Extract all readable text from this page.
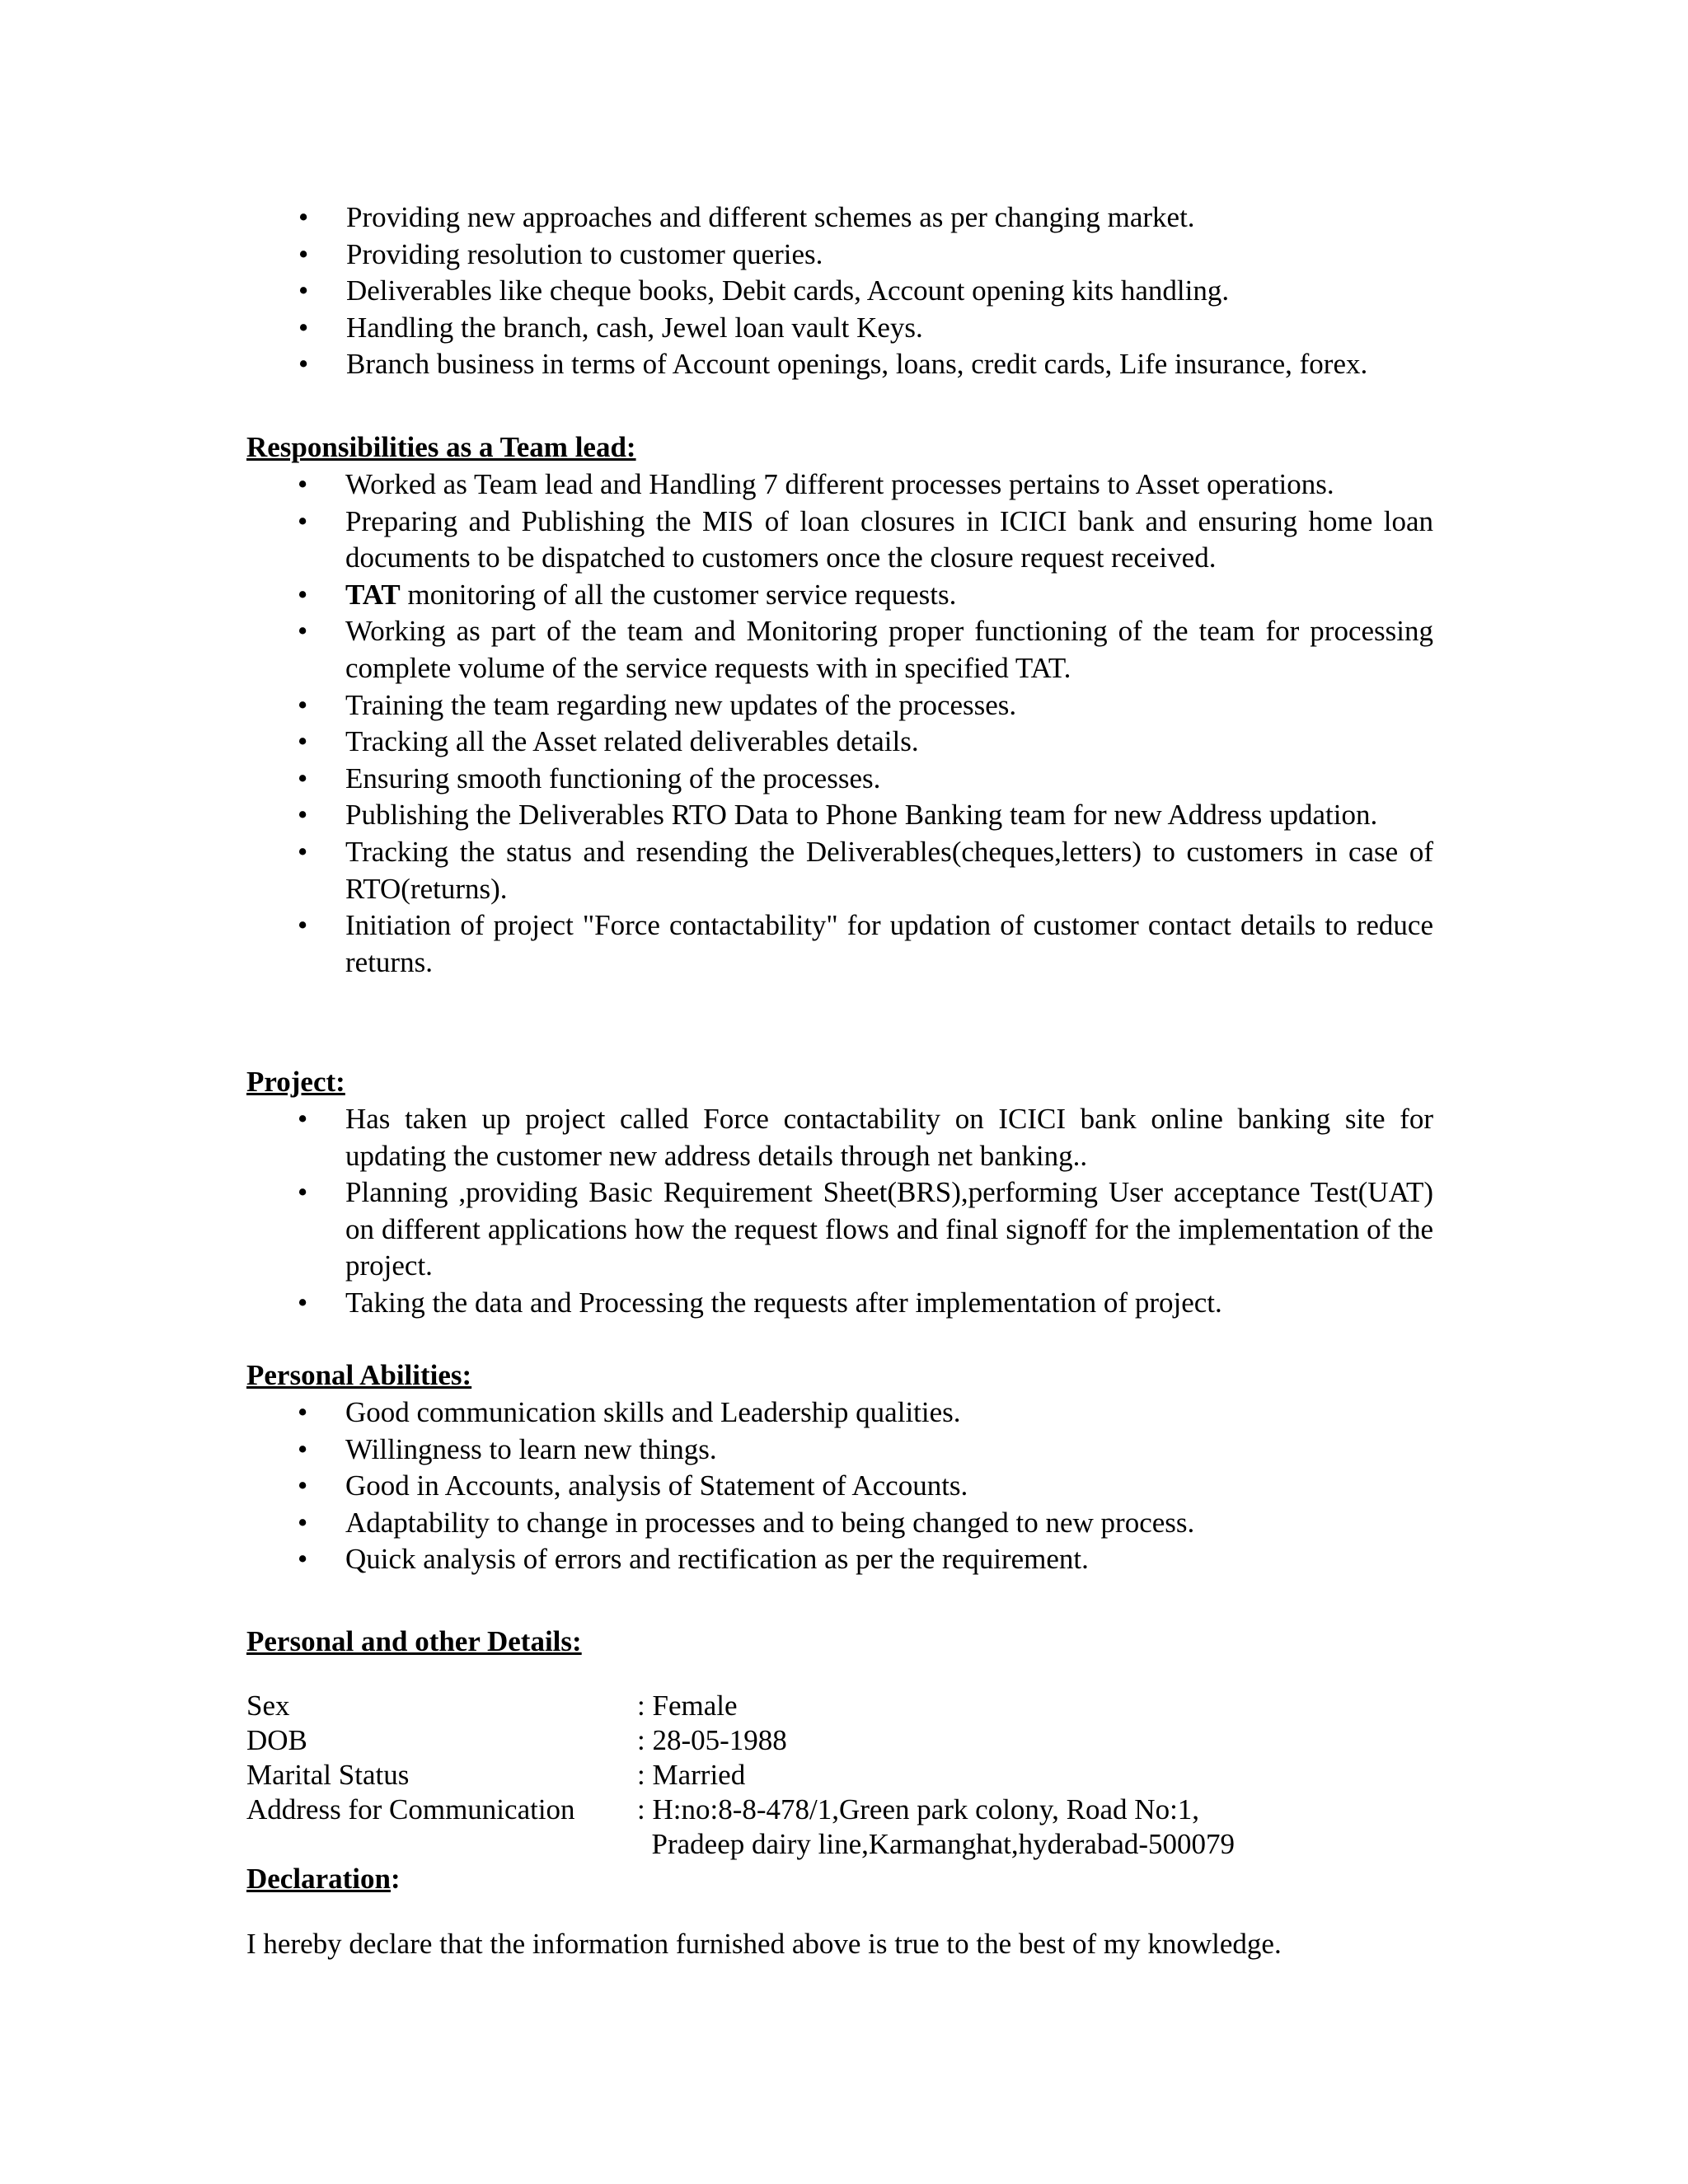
• Providing new approaches and different schemes as per changing market.
• Providing resolution to customer queries.
• Deliverables like cheque books, Debit cards, Account opening kits handling.
• Handling the branch, cash, Jewel loan vault Keys.
• Branch business in terms of Account openings, loans, credit cards, Life insurance, forex.
Responsibilities as a Team lead:
• Worked as Team lead and Handling 7 different processes pertains to Asset operations.
• Preparing and Publishing the MIS of loan closures in ICICI bank and ensuring home loan documents to be dispatched to customers once the closure request received.
• TAT monitoring of all the customer service requests.
• Working as part of the team and Monitoring proper functioning of the team for processing complete volume of the service requests with in specified TAT.
• Training the team regarding new updates of the processes.
• Tracking all the Asset related deliverables details.
• Ensuring smooth functioning of the processes.
• Publishing the Deliverables RTO Data to Phone Banking team for new Address updation.
• Tracking the status and resending the Deliverables(cheques,letters) to customers in case of RTO(returns).
• Initiation of project "Force contactability" for updation of customer contact details to reduce returns.
Project:
• Has taken up project called Force contactability on ICICI bank online banking site for updating the customer new address details through net banking..
• Planning ,providing Basic Requirement Sheet(BRS),performing User acceptance Test(UAT) on different applications how the request flows and final signoff for the implementation of the project.
• Taking the data and Processing the requests after implementation of project.
Personal Abilities:
• Good communication skills and Leadership qualities.
• Willingness to learn new things.
• Good in Accounts, analysis of Statement of Accounts.
• Adaptability to change in processes and to being changed to new process.
• Quick analysis of errors and rectification as per the requirement.
Personal and other Details:
Sex	: Female
DOB	: 28-05-1988
Marital Status	: Married
Address for Communication	: H:no:8-8-478/1,Green park colony, Road No:1,
Pradeep dairy line,Karmanghat,hyderabad-500079
Declaration:
I hereby declare that the information furnished above is true to the best of my knowledge.
